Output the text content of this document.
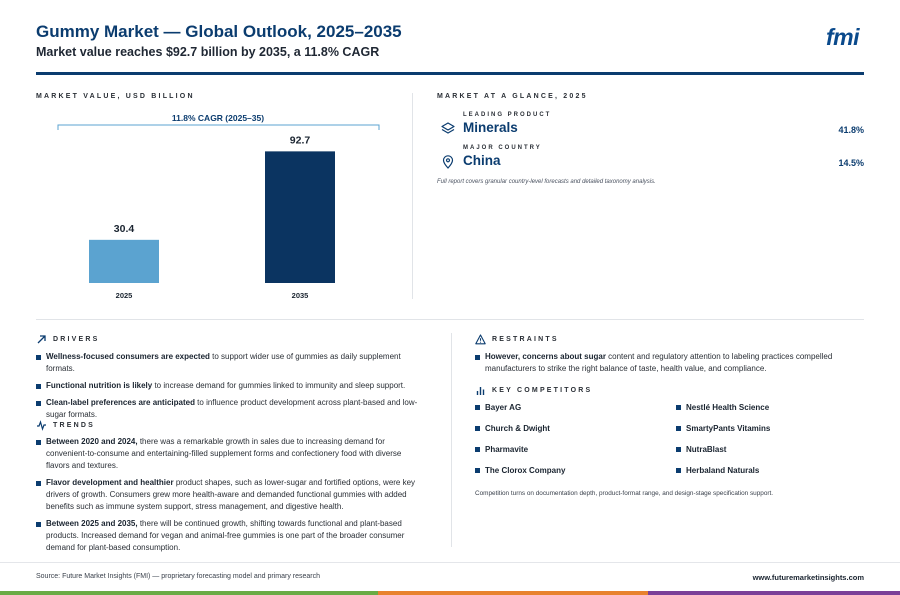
Gummy Market — Global Outlook, 2025–2035
Market value reaches $92.7 billion by 2035, a 11.8% CAGR
fmi
MARKET VALUE, USD BILLION	MARKET AT A GLANCE, 2025
11.8% CAGR (2025–35)
30.4
2025
92.7
2035
LEADING PRODUCT
Minerals	41.8%
MAJOR COUNTRY
China	14.5%
Full report covers granular country-level forecasts and detailed taxonomy analysis.
DRIVERS
Wellness-focused consumers are expected to support wider use of gummies as daily supplement formats.
Functional nutrition is likely to increase demand for gummies linked to immunity and sleep support.
Clean-label preferences are anticipated to influence product development across plant-based and low-sugar formats.
TRENDS
Between 2020 and 2024, there was a remarkable growth in sales due to increasing demand for convenient-to-consume and entertaining-filled supplement forms and confectionery food with diverse flavors and textures.
Flavor development and healthier product shapes, such as lower-sugar and fortified options, were key drivers of growth. Consumers grew more health-aware and demanded functional gummies with added benefits such as immune system support, stress management, and digestive health.
Between 2025 and 2035, there will be continued growth, shifting towards functional and plant-based products. Increased demand for vegan and animal-free gummies is one part of the broader consumer demand for plant-based consumption.
RESTRAINTS
However, concerns about sugar content and regulatory attention to labeling practices compelled manufacturers to strike the right balance of taste, health value, and compliance.
KEY COMPETITORS
Bayer AG	Nestlé Health Science
Church & Dwight	SmartyPants Vitamins
Pharmavite	NutraBlast
The Clorox Company	Herbaland Naturals
Competition turns on documentation depth, product-format range, and design-stage specification support.
Source: Future Market Insights (FMI) — proprietary forecasting model and primary research	www.futuremarketinsights.com
